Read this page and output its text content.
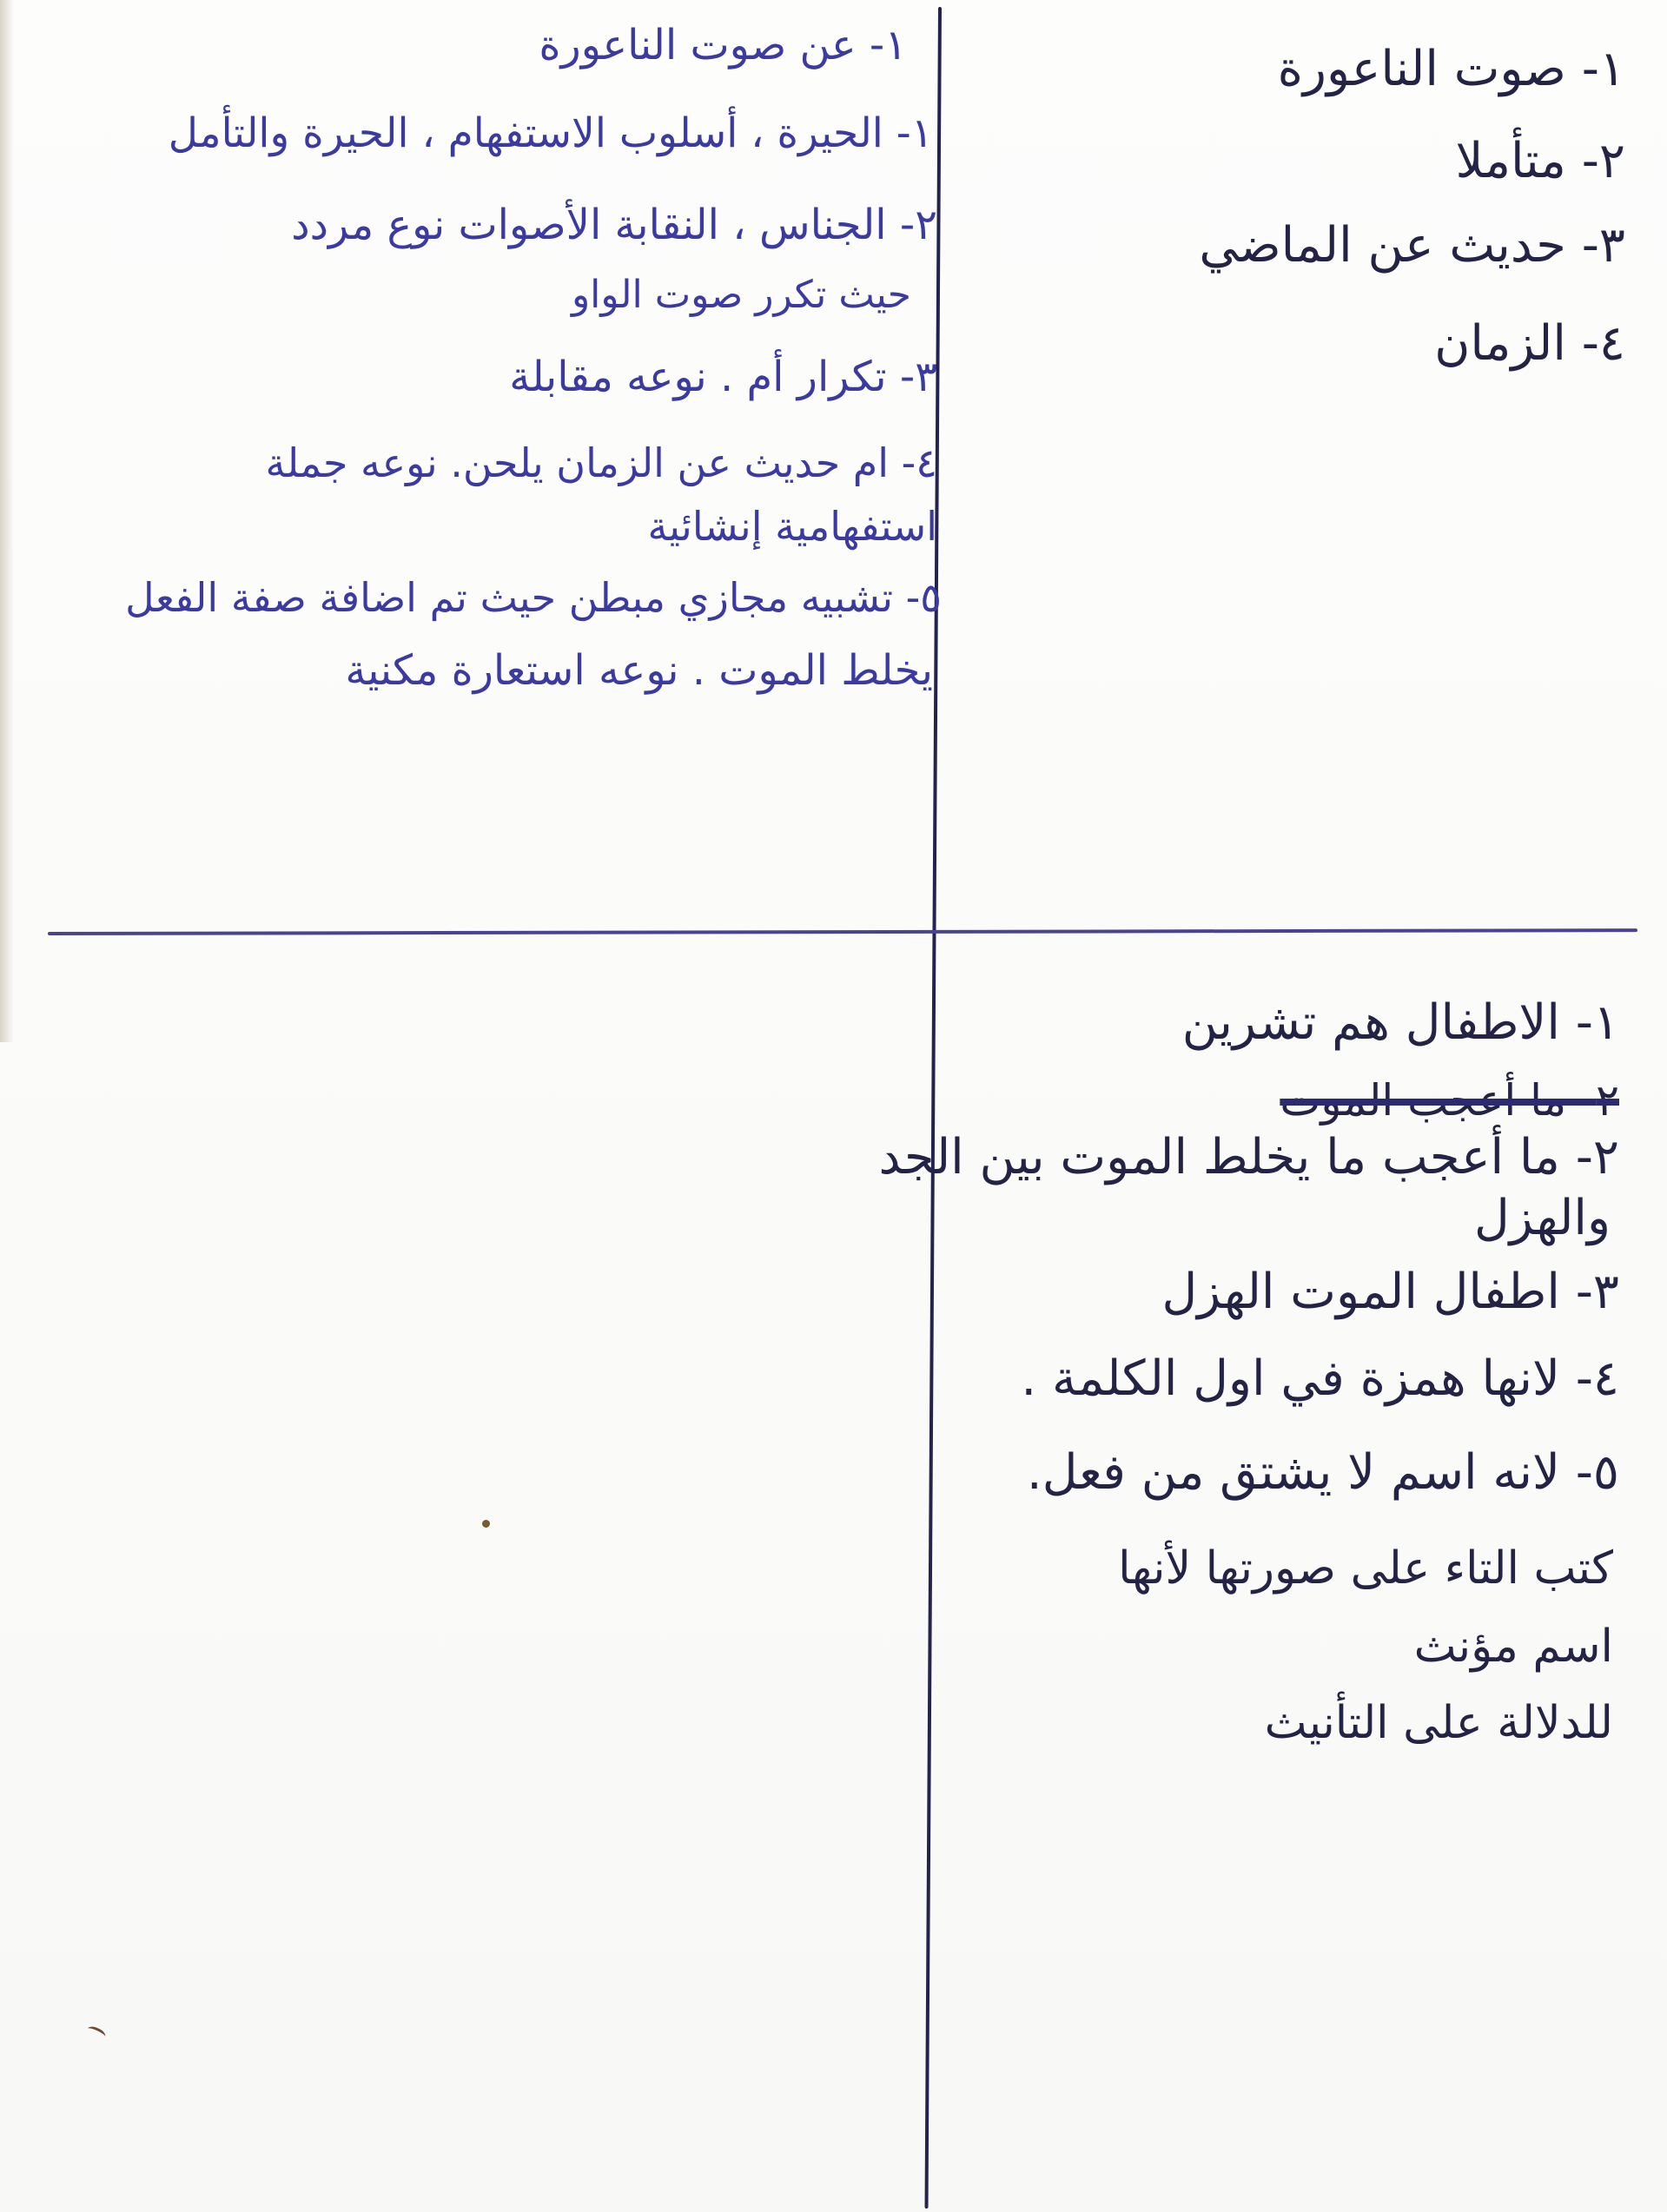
١- عن صوت الناعورة
١- الحيرة ، أسلوب الاستفهام ، الحيرة والتأمل
٢- الجناس ، النقابة الأصوات نوع مردد
حيث تكرر صوت الواو
٣- تكرار أم . نوعه مقابلة
٤- ام حديث عن الزمان يلحن. نوعه جملة
استفهامية إنشائية
٥- تشبيه مجازي مبطن حيث تم اضافة صفة الفعل
يخلط الموت . نوعه استعارة مكنية
١- صوت الناعورة
٢- متأملا
٣- حديث عن الماضي
٤- الزمان
١- الاطفال هم تشرين
٢- ما أعجب الموت
٢- ما أعجب ما يخلط الموت بين الجد
والهزل
٣- اطفال الموت الهزل
٤- لانها همزة في اول الكلمة .
٥- لانه اسم لا يشتق من فعل.
كتب التاء على صورتها لأنها
اسم مؤنث
للدلالة على التأنيث
